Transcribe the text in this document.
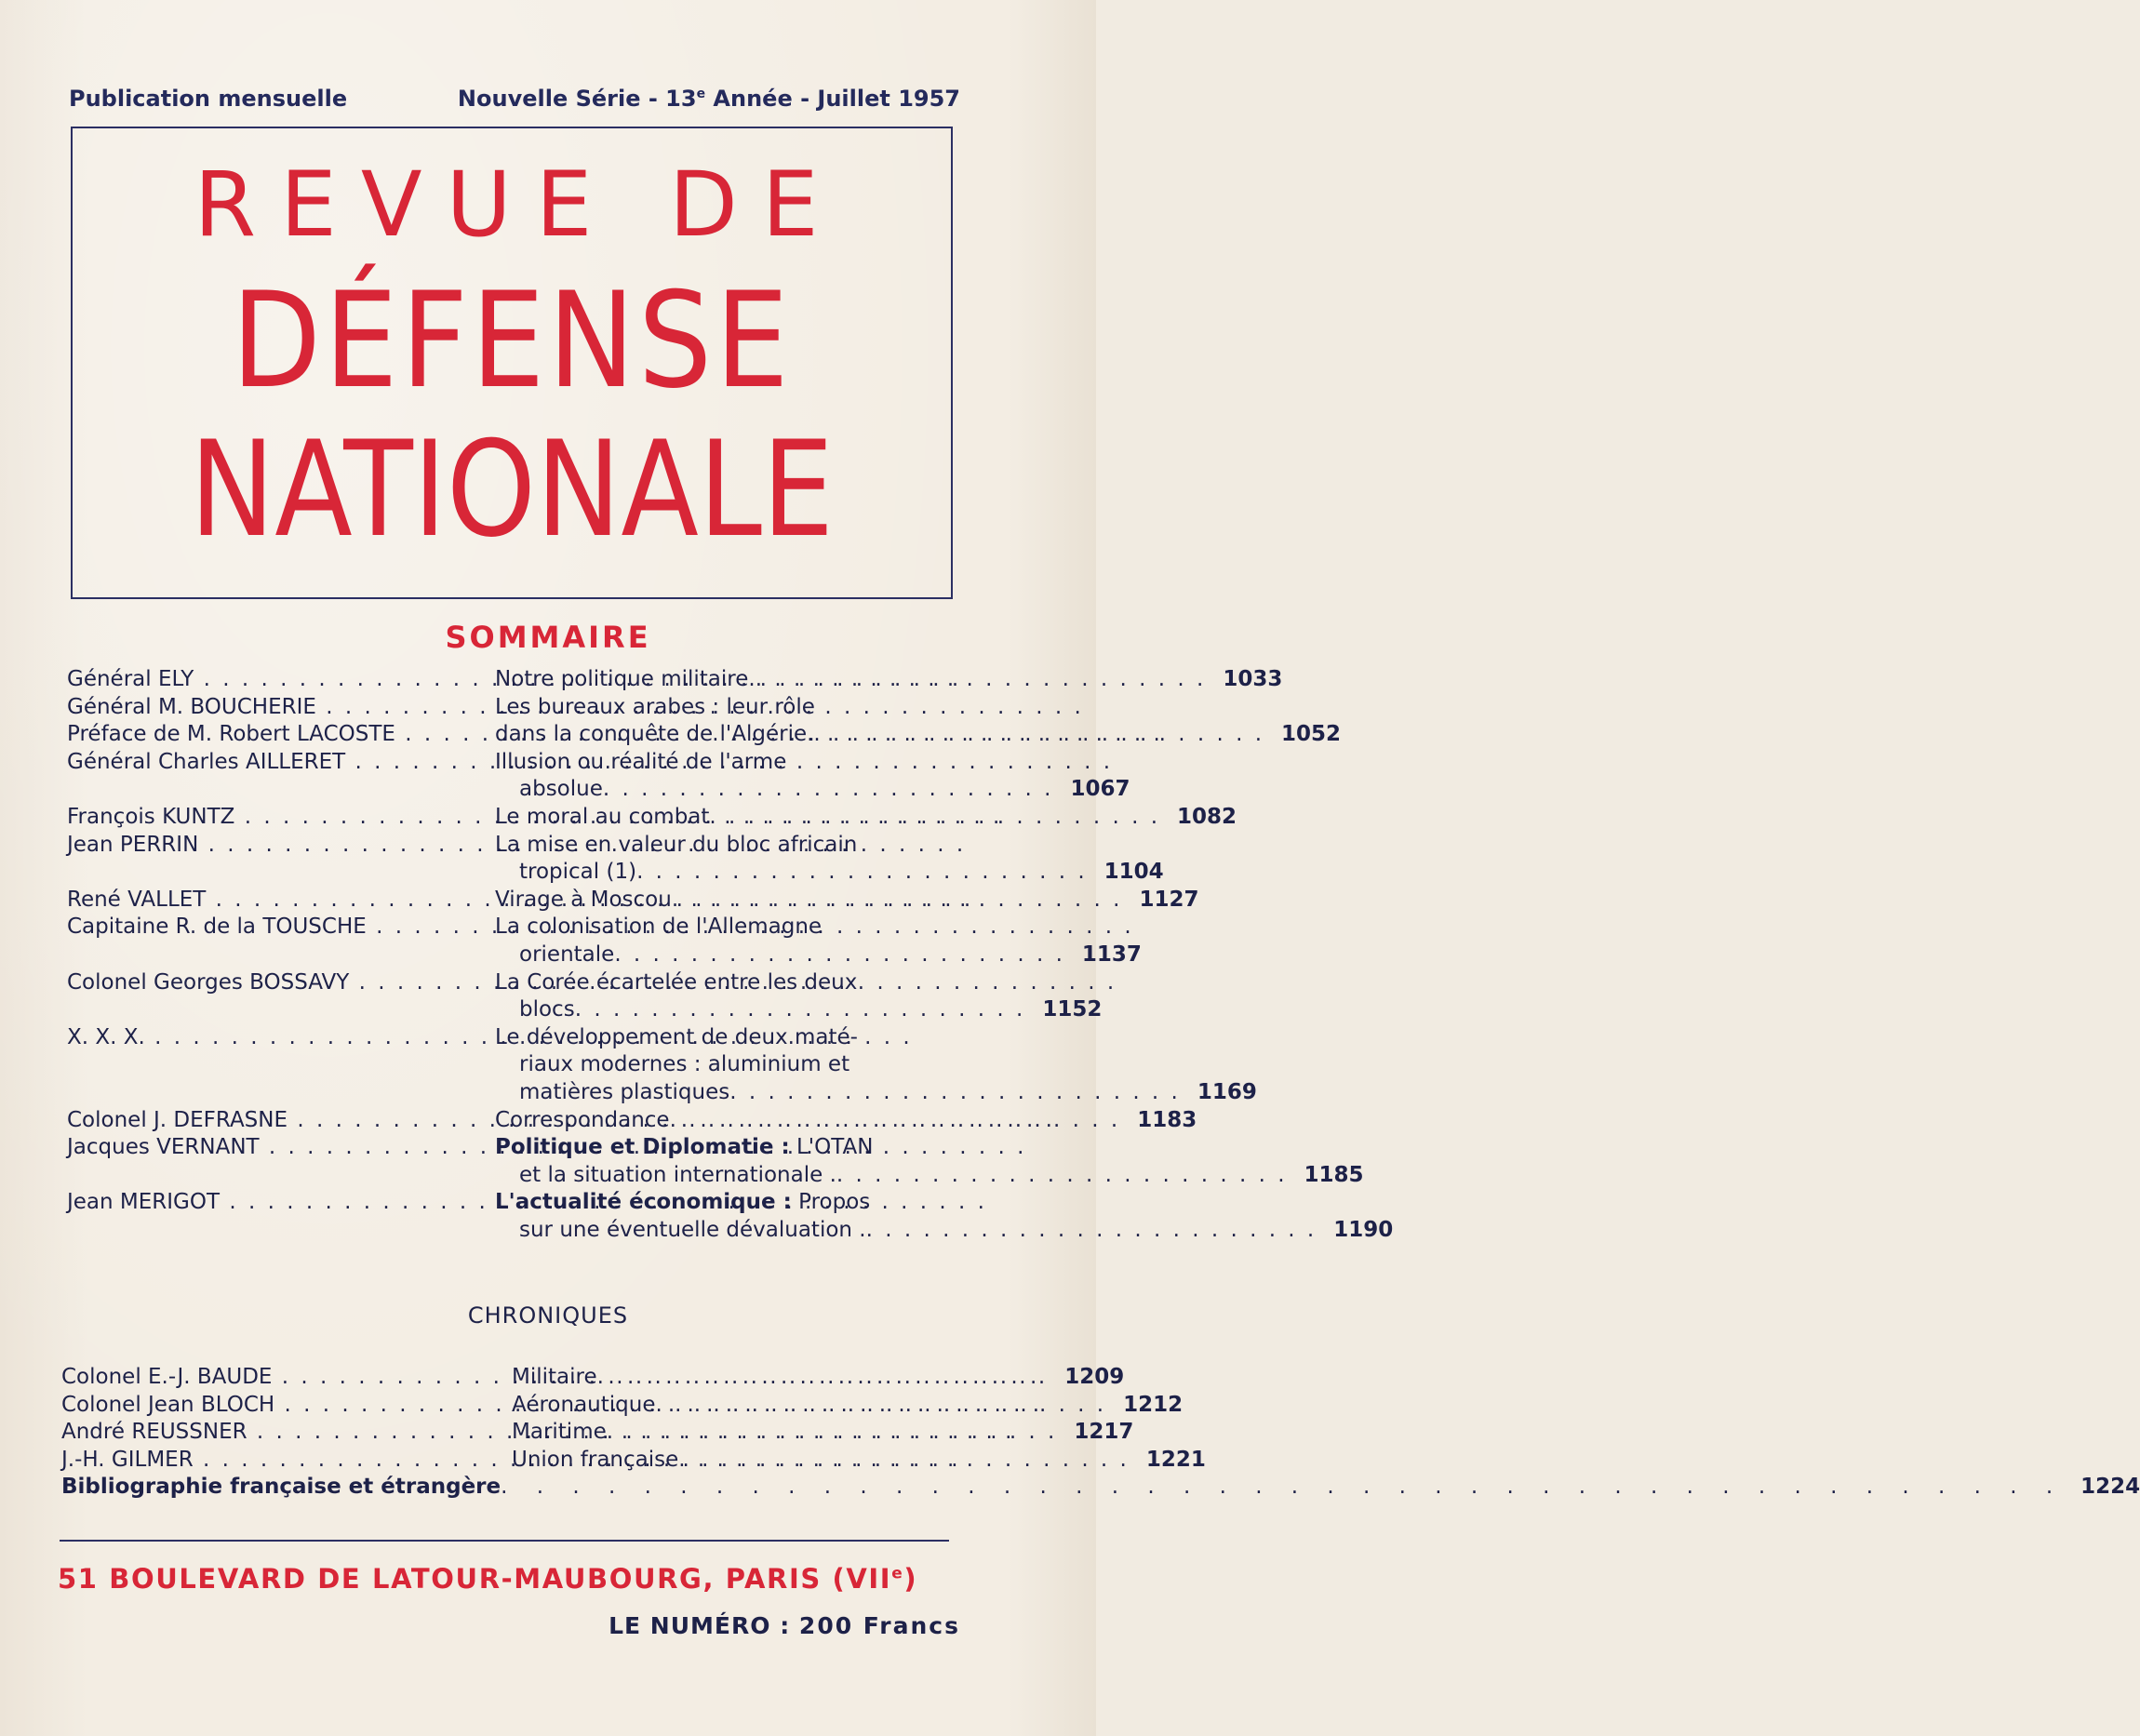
Publication mensuelle	Nouvelle Série - 13e Année - Juillet 1957
REVUE DE
DÉFENSE
NATIONALE
SOMMAIRE
Général ELY . . .	Notre politique militaire. . . .	1033
Général M. BOUCHERIE . . .	Les bureaux arabes : leur rôle
Préface de M. Robert LACOSTE . . .	dans la conquête de l'Algérie. . . .	1052
Général Charles AILLERET . . .	Illusion ou réalité de l'arme
absolue . . .	1067
François KUNTZ . . .	Le moral au combat . . .	1082
Jean PERRIN . . .	La mise en valeur du bloc africain
tropical (1) . . .	1104
René VALLET . . .	Virage à Moscou . . .	1127
Capitaine R. de la TOUSCHE . . .	La colonisation de l'Allemagne
orientale . . .	1137
Colonel Georges BOSSAVY . . .	La Corée écartelée entre les deux
blocs . . .	1152
X. X. X. . . .	Le développement de deux maté-
riaux modernes : aluminium et
matières plastiques . . .	1169
Colonel J. DEFRASNE . . .	Correspondance . . .	1183
Jacques VERNANT . . .	Politique et Diplomatie :
L'OTAN
et la situation internationale . . . .	1185
Jean MERIGOT . . .	L'actualité économique :
Propos
sur une éventuelle dévaluation . . . .	1190
CHRONIQUES
Colonel E.-J. BAUDE . . .	Militaire . . .	1209
Colonel Jean BLOCH . . .	Aéronautique . . .	1212
André REUSSNER . . .	Maritime . . .	1217
J.-H. GILMER . . .	Union française . . .	1221
Bibliographie française et étrangère . . .	1224
51 BOULEVARD DE LATOUR-MAUBOURG, PARIS (VIIe)
LE NUMÉRO : 200 Francs
